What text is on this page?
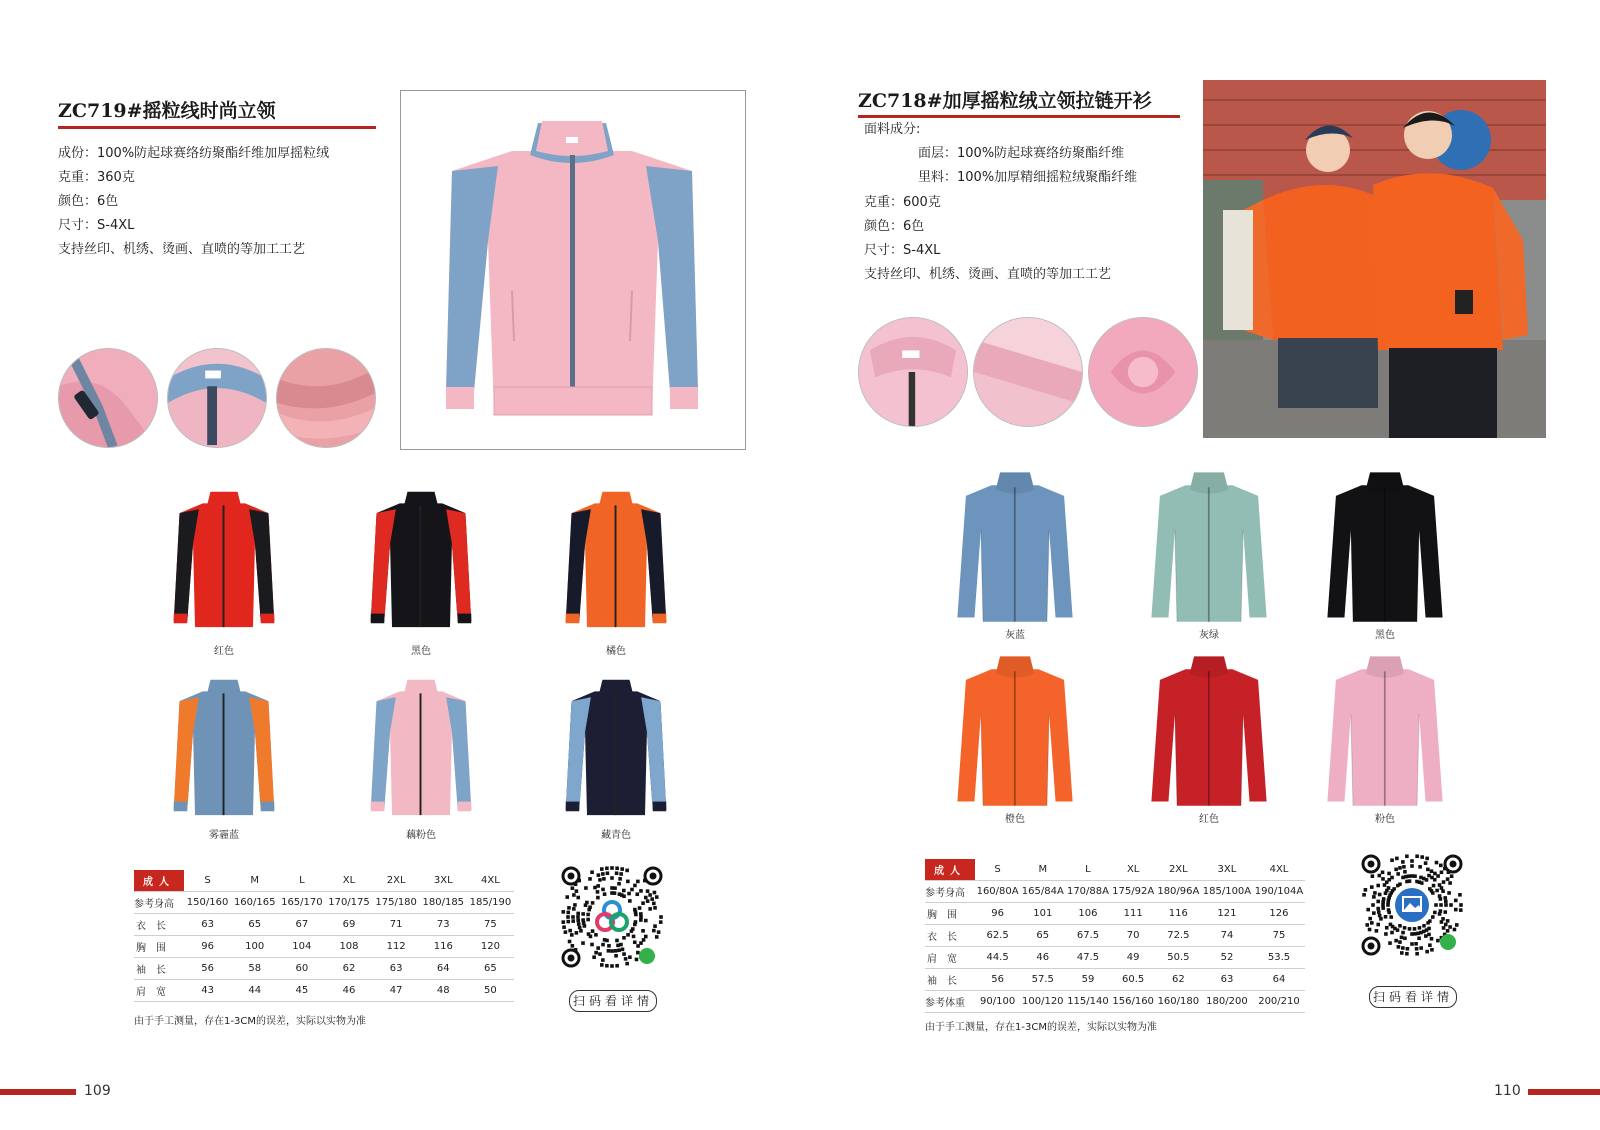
ZC719#摇粒线时尚立领
成份：100%防起球赛络纺聚酯纤维加厚摇粒绒
克重：360克
颜色：6色
尺寸：S-4XL
支持丝印、机绣、烫画、直喷的等加工工艺
红色	黑色	橘色
雾霾蓝	藕粉色	藏青色
成人	S	M	L	XL	2XL	3XL	4XL
参考身高	150/160	160/165	165/170	170/175	175/180	180/185	185/190
衣长	63	65	67	69	71	73	75
胸围	96	100	104	108	112	116	120
袖长	56	58	60	62	63	64	65
肩宽	43	44	45	46	47	48	50
由于手工测量，存在1-3CM的误差，实际以实物为准
扫码看详情
109
ZC718#加厚摇粒绒立领拉链开衫
面料成分:
面层：100%防起球赛络纺聚酯纤维
里料：100%加厚精细摇粒绒聚酯纤维
克重：600克
颜色：6色
尺寸：S-4XL
支持丝印、机绣、烫画、直喷的等加工工艺
灰蓝	灰绿	黑色
橙色	红色	粉色
成人	S	M	L	XL	2XL	3XL	4XL
参考身高	160/80A	165/84A	170/88A	175/92A	180/96A	185/100A	190/104A
胸围	96	101	106	111	116	121	126
衣长	62.5	65	67.5	70	72.5	74	75
肩宽	44.5	46	47.5	49	50.5	52	53.5
袖长	56	57.5	59	60.5	62	63	64
参考体重	90/100	100/120	115/140	156/160	160/180	180/200	200/210
由于手工测量，存在1-3CM的误差，实际以实物为准
扫码看详情
110
